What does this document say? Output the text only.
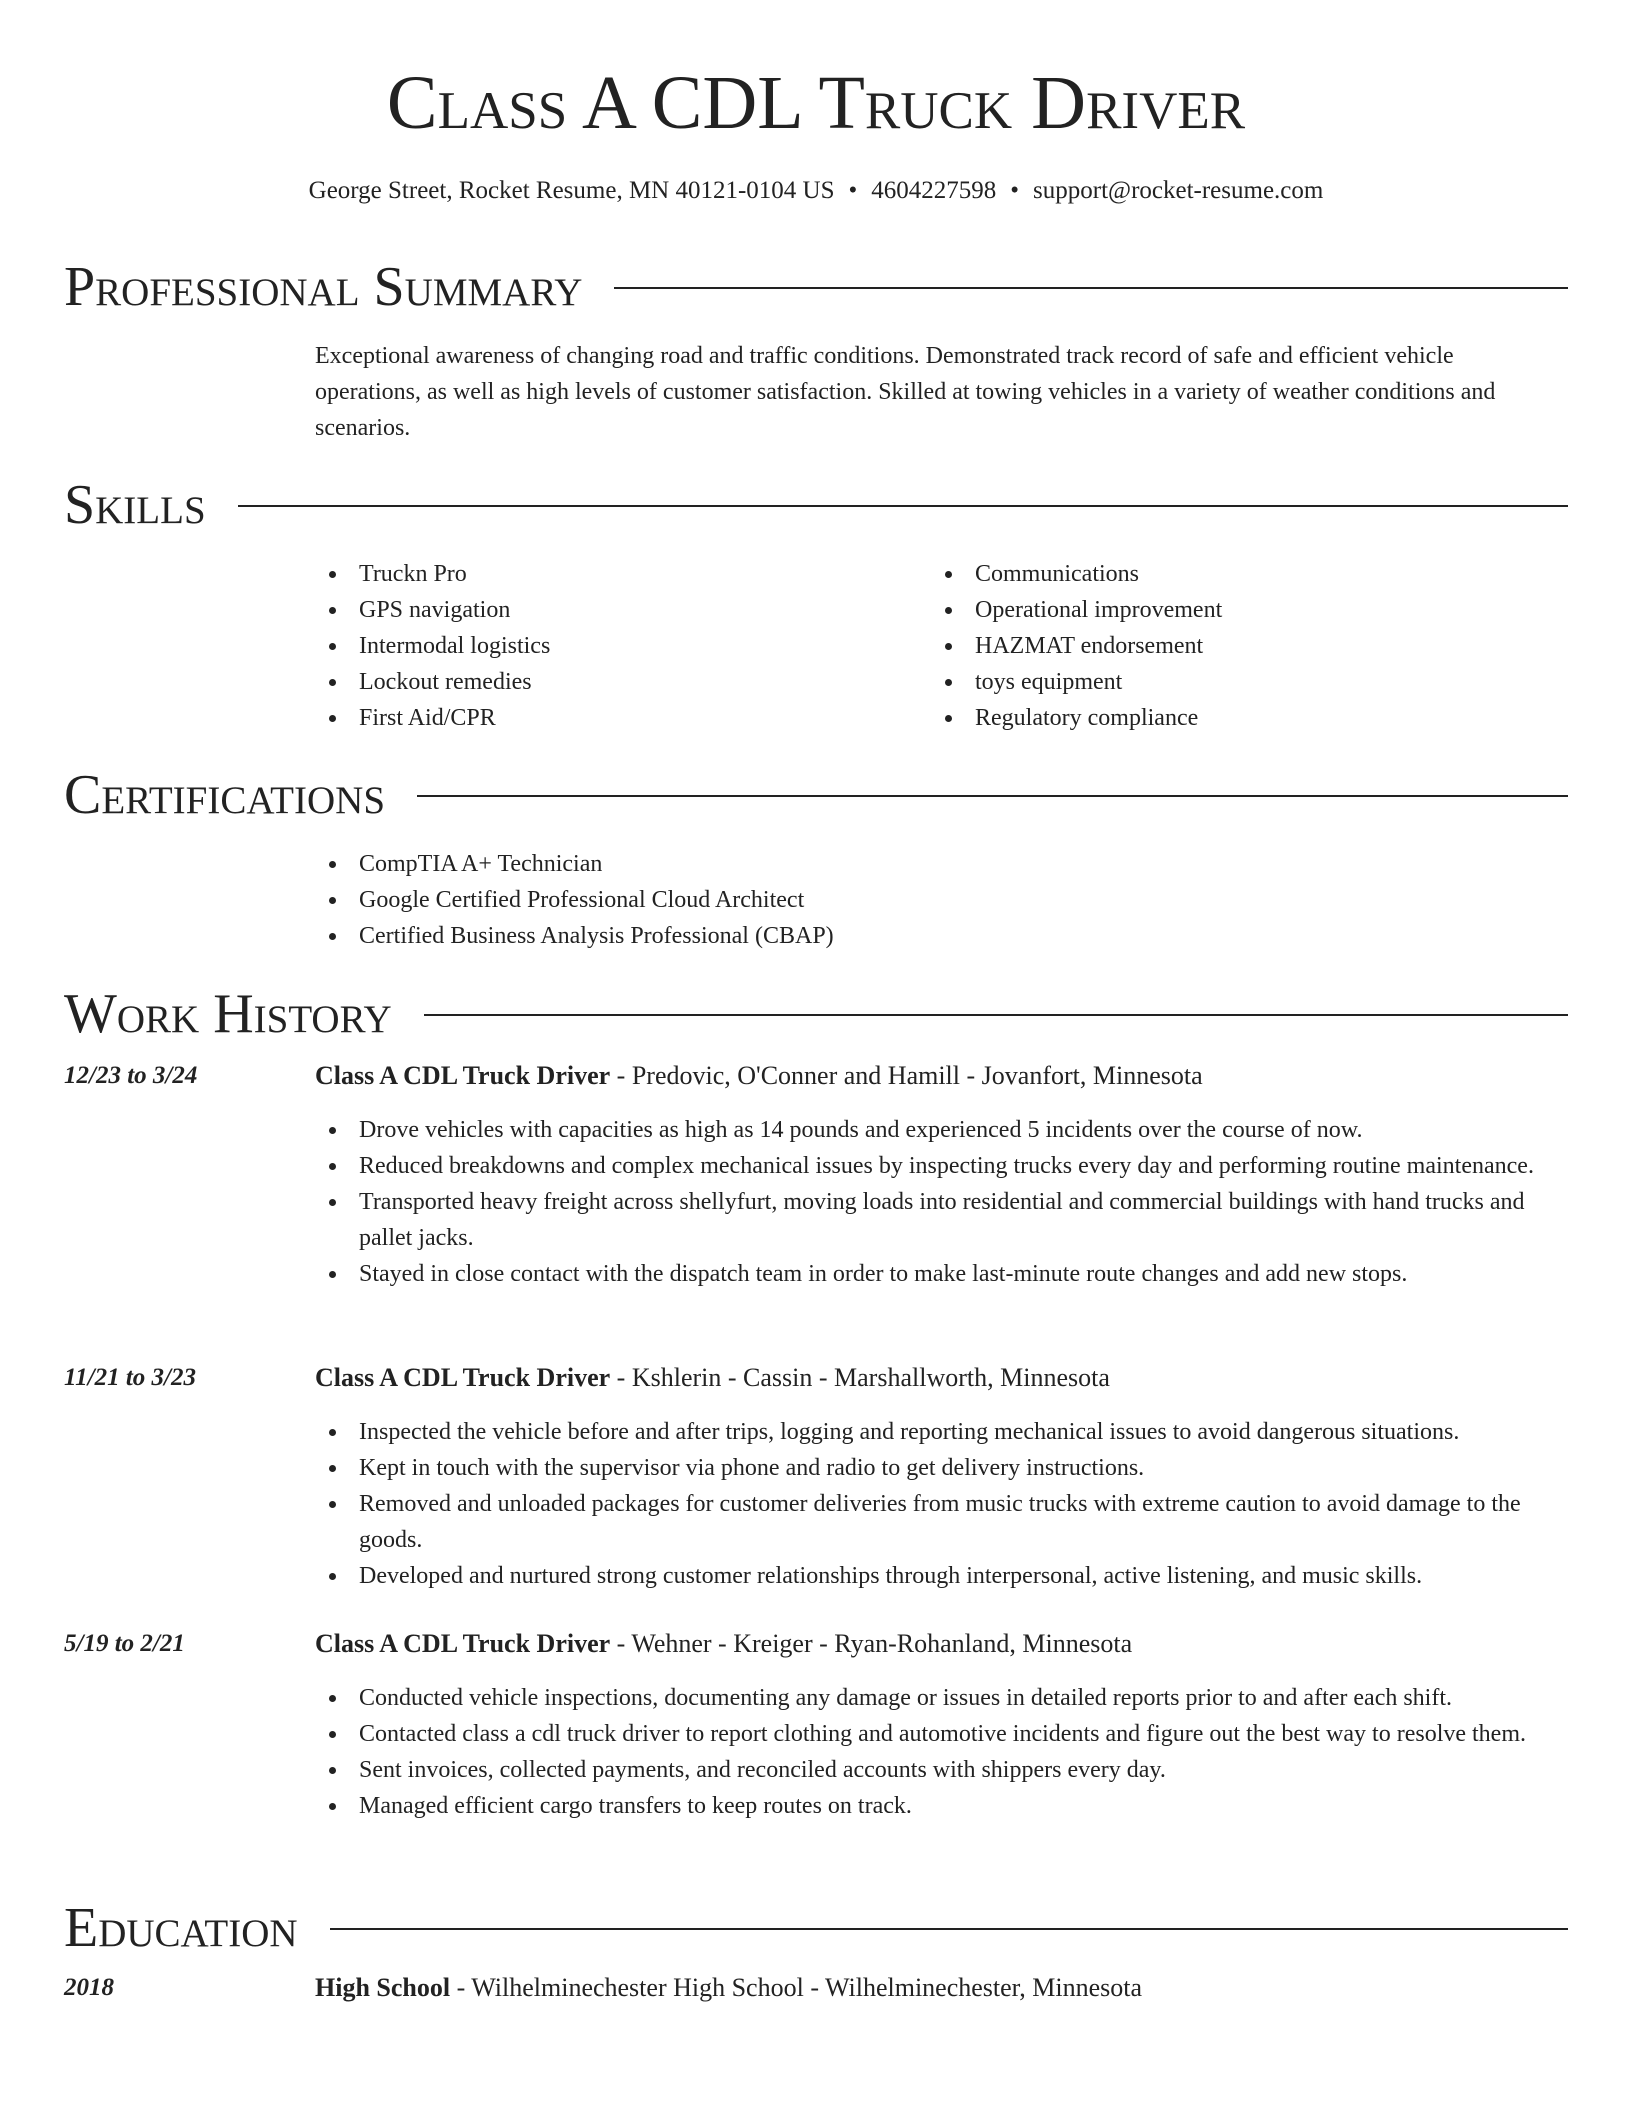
Class A CDL Truck Driver
George Street, Rocket Resume, MN 40121-0104 US • 4604227598 • support@rocket-resume.com
Professional Summary
Exceptional awareness of changing road and traffic conditions. Demonstrated track record of safe and efficient vehicle operations, as well as high levels of customer satisfaction. Skilled at towing vehicles in a variety of weather conditions and scenarios.
Skills
Truckn Pro
GPS navigation
Intermodal logistics
Lockout remedies
First Aid/CPR
Communications
Operational improvement
HAZMAT endorsement
toys equipment
Regulatory compliance
Certifications
CompTIA A+ Technician
Google Certified Professional Cloud Architect
Certified Business Analysis Professional (CBAP)
Work History
12/23 to 3/24	Class A CDL Truck Driver - Predovic, O'Conner and Hamill - Jovanfort, Minnesota
Drove vehicles with capacities as high as 14 pounds and experienced 5 incidents over the course of now.
Reduced breakdowns and complex mechanical issues by inspecting trucks every day and performing routine maintenance.
Transported heavy freight across shellyfurt, moving loads into residential and commercial buildings with hand trucks and pallet jacks.
Stayed in close contact with the dispatch team in order to make last-minute route changes and add new stops.
11/21 to 3/23	Class A CDL Truck Driver - Kshlerin - Cassin - Marshallworth, Minnesota
Inspected the vehicle before and after trips, logging and reporting mechanical issues to avoid dangerous situations.
Kept in touch with the supervisor via phone and radio to get delivery instructions.
Removed and unloaded packages for customer deliveries from music trucks with extreme caution to avoid damage to the goods.
Developed and nurtured strong customer relationships through interpersonal, active listening, and music skills.
5/19 to 2/21	Class A CDL Truck Driver - Wehner - Kreiger - Ryan-Rohanland, Minnesota
Conducted vehicle inspections, documenting any damage or issues in detailed reports prior to and after each shift.
Contacted class a cdl truck driver to report clothing and automotive incidents and figure out the best way to resolve them.
Sent invoices, collected payments, and reconciled accounts with shippers every day.
Managed efficient cargo transfers to keep routes on track.
Education
2018	High School - Wilhelminechester High School - Wilhelminechester, Minnesota
